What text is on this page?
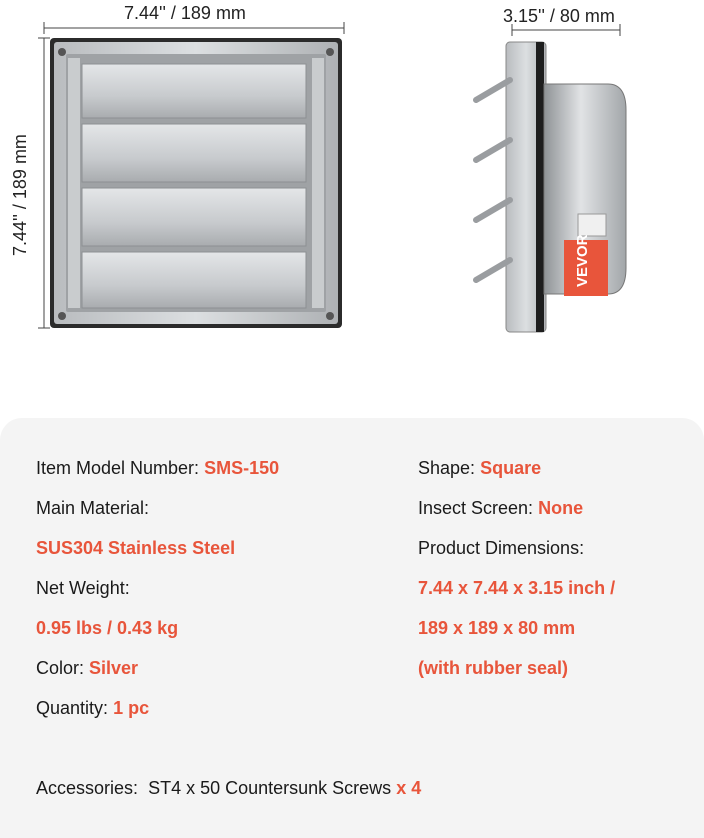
7.44'' / 189 mm	3.15'' / 80 mm
7.44'' / 189 mm
VEVOR
Item Model Number: SMS-150
Main Material:
SUS304 Stainless Steel
Net Weight:
0.95 lbs / 0.43 kg
Color: Silver
Quantity: 1 pc
Shape: Square
Insect Screen: None
Product Dimensions:
7.44 x 7.44 x 3.15 inch /
189 x 189 x 80 mm
(with rubber seal)
Accessories: ST4 x 50 Countersunk Screws x 4
